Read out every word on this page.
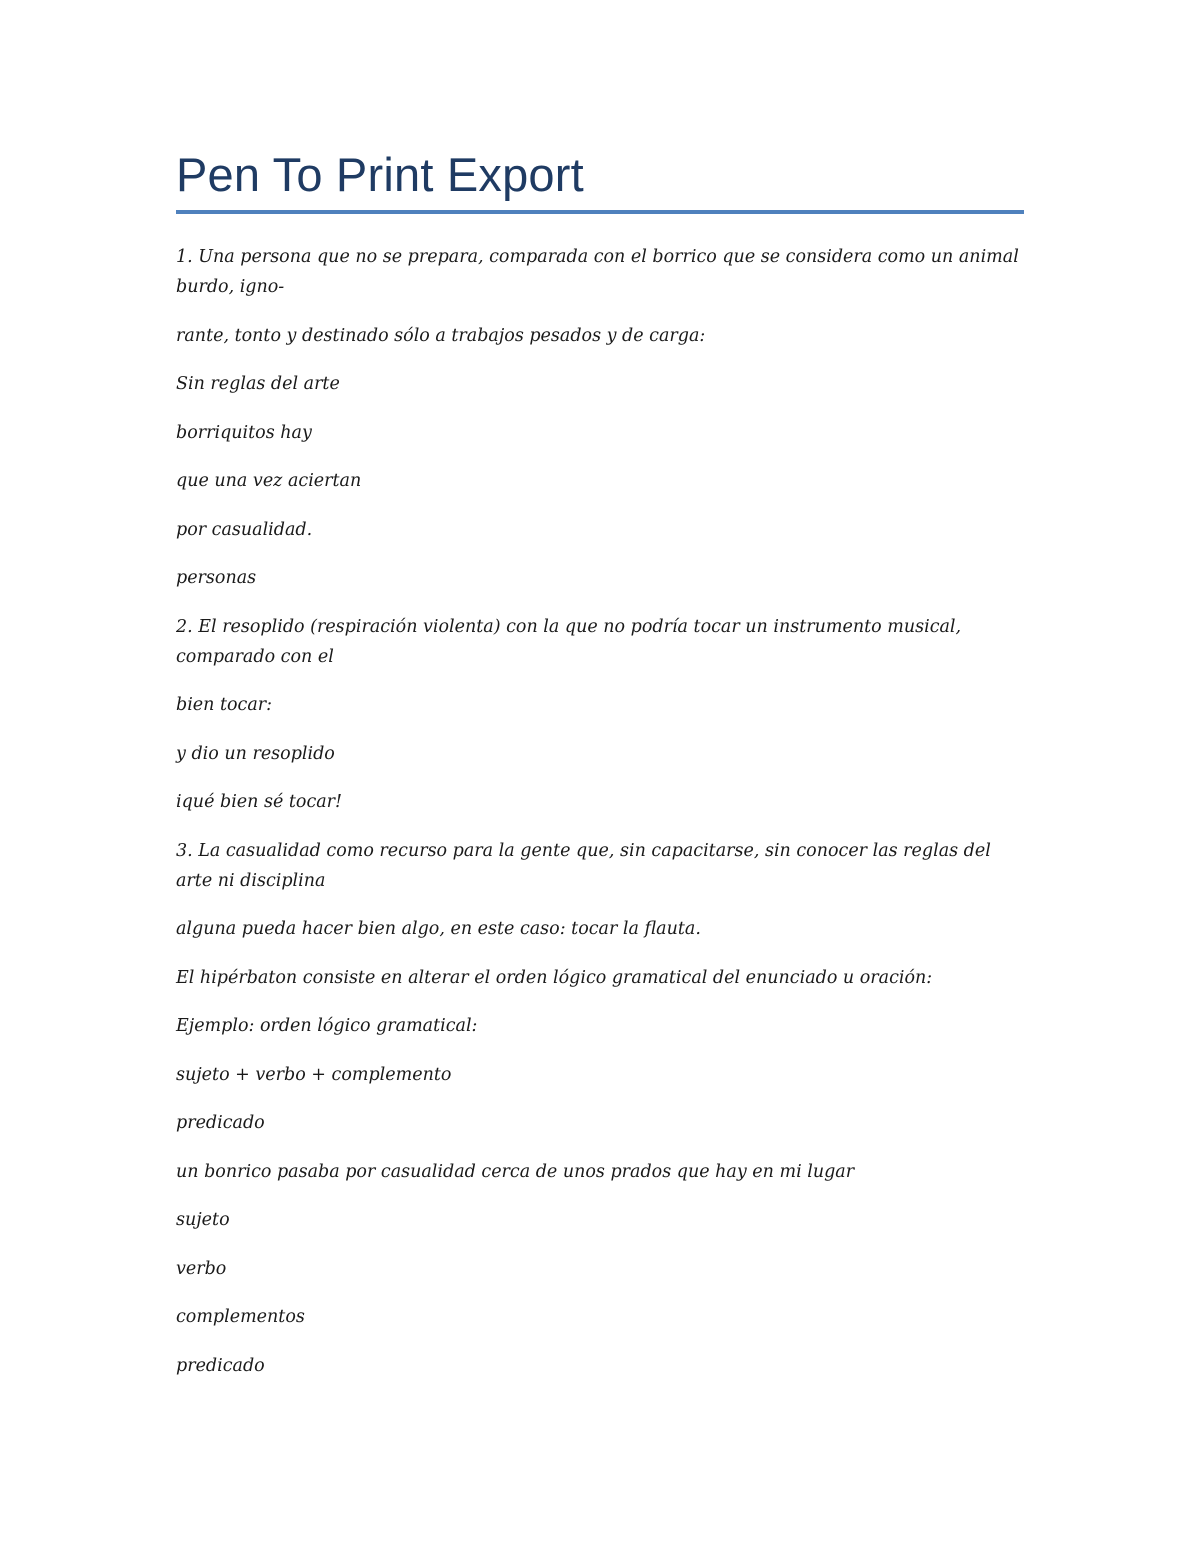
Pen To Print Export

1. Una persona que no se prepara, comparada con el borrico que se considera como un animal burdo, igno-

rante, tonto y destinado sólo a trabajos pesados y de carga:

Sin reglas del arte

borriquitos hay

que una vez aciertan

por casualidad.

personas

2. El resoplido (respiración violenta) con la que no podría tocar un instrumento musical, comparado con el

bien tocar:

y dio un resoplido

iqué bien sé tocar!

3. La casualidad como recurso para la gente que, sin capacitarse, sin conocer las reglas del arte ni disciplina

alguna pueda hacer bien algo, en este caso: tocar la flauta.

El hipérbaton consiste en alterar el orden lógico gramatical del enunciado u oración:

Ejemplo: orden lógico gramatical:

sujeto + verbo + complemento

predicado

un bonrico pasaba por casualidad cerca de unos prados que hay en mi lugar

sujeto

verbo

complementos

predicado
